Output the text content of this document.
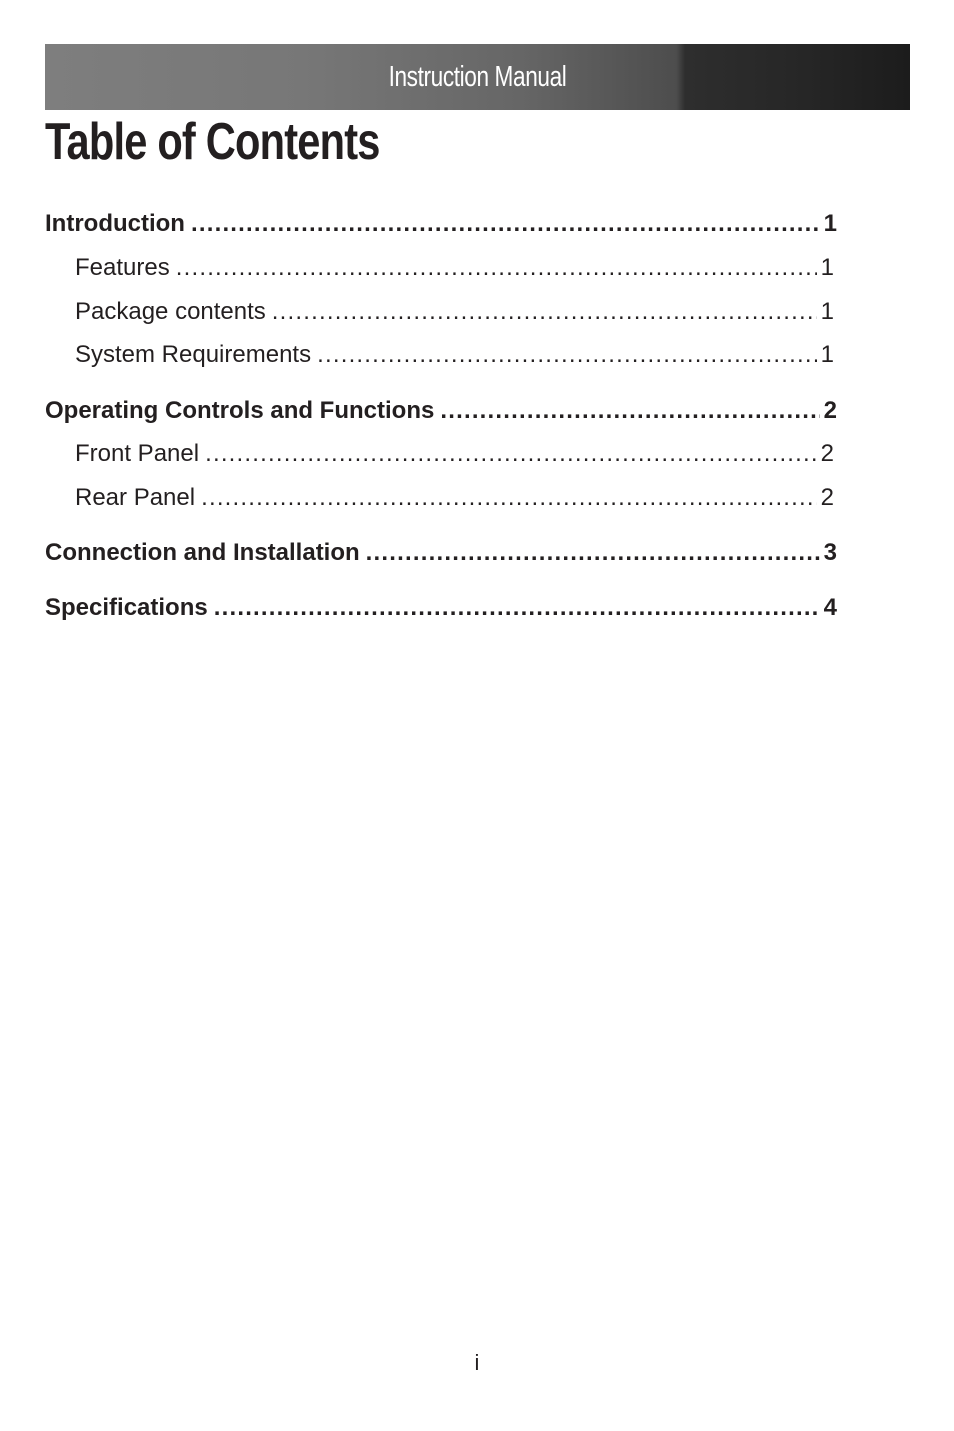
Instruction Manual
Table of Contents
Introduction .....	1
Features .....	1
Package contents .....	1
System Requirements .....	1
Operating Controls and Functions .....	2
Front Panel .....	2
Rear Panel .....	2
Connection and Installation .....	3
Specifications .....	4
i
